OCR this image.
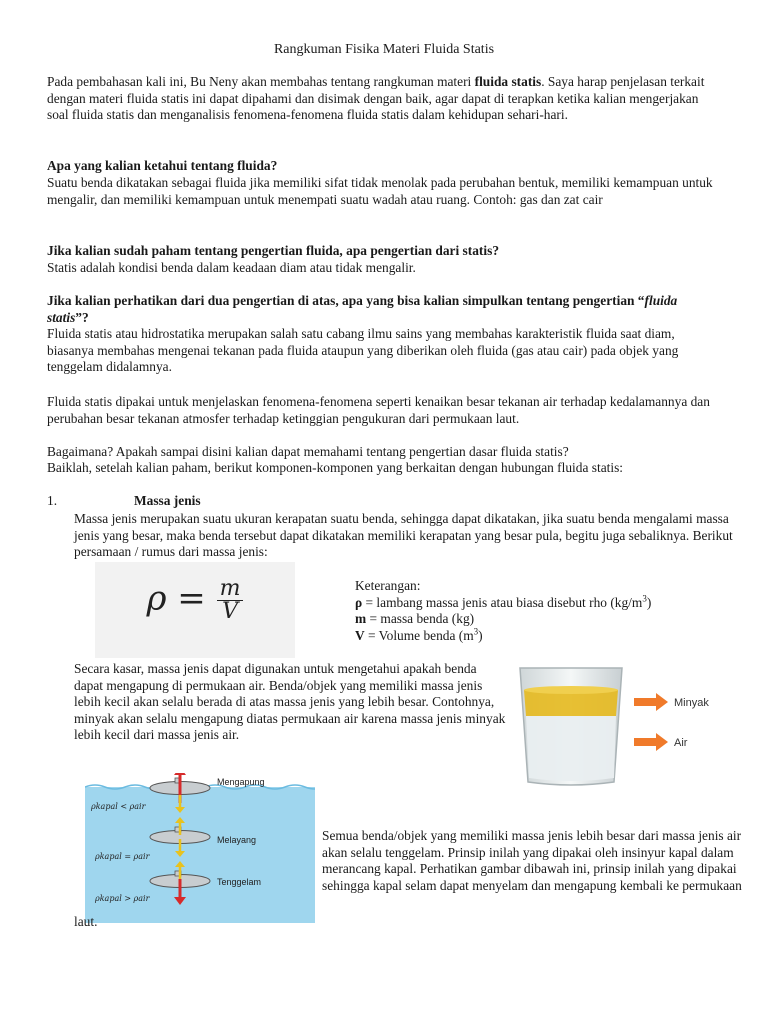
Rangkuman Fisika Materi Fluida Statis
Pada pembahasan kali ini, Bu Neny akan membahas tentang rangkuman materi fluida statis. Saya harap penjelasan terkait dengan materi fluida statis ini dapat dipahami dan disimak dengan baik, agar dapat di terapkan ketika kalian mengerjakan soal fluida statis dan menganalisis fenomena-fenomena fluida statis dalam kehidupan sehari-hari.
Apa yang kalian ketahui tentang fluida?
Suatu benda dikatakan sebagai fluida jika memiliki sifat tidak menolak pada perubahan bentuk, memiliki kemampuan untuk mengalir, dan memiliki kemampuan untuk menempati suatu wadah atau ruang. Contoh: gas dan zat cair
Jika kalian sudah paham tentang pengertian fluida, apa pengertian dari statis?
Statis adalah kondisi benda dalam keadaan diam atau tidak mengalir.
Jika kalian perhatikan dari dua pengertian di atas, apa yang bisa kalian simpulkan tentang pengertian “fluida statis”?
Fluida statis atau hidrostatika merupakan salah satu cabang ilmu sains yang membahas karakteristik fluida saat diam, biasanya membahas mengenai tekanan pada fluida ataupun yang diberikan oleh fluida (gas atau cair) pada objek yang tenggelam didalamnya.
Fluida statis dipakai untuk menjelaskan fenomena-fenomena seperti kenaikan besar tekanan air terhadap kedalamannya dan perubahan besar tekanan atmosfer terhadap ketinggian pengukuran dari permukaan laut.
Bagaimana? Apakah sampai disini kalian dapat memahami tentang pengertian dasar fluida statis?
Baiklah, setelah kalian paham, berikut komponen-komponen yang berkaitan dengan hubungan fluida statis:
1.	Massa jenis
Massa jenis merupakan suatu ukuran kerapatan suatu benda, sehingga dapat dikatakan, jika suatu benda mengalami massa jenis yang besar, maka benda tersebut dapat dikatakan memiliki kerapatan yang besar pula, begitu juga sebaliknya. Berikut persamaan / rumus dari massa jenis:
$\rho = \frac{m}{V}$	Keterangan:
ρ = lambang massa jenis atau biasa disebut rho $(kg/m^3)$
m = massa benda (kg)
V = Volume benda $(m^3)$
Secara kasar, massa jenis dapat digunakan untuk mengetahui apakah benda dapat mengapung di permukaan air. Benda/objek yang memiliki massa jenis lebih kecil akan selalu berada di atas massa jenis yang lebih besar. Contohnya, minyak akan selalu mengapung diatas permukaan air karena massa jenis minyak lebih kecil dari massa jenis air.
Minyak
Air
Mengapung
ρkapal < ρair
Melayang
ρkapal = ρair
Tenggelam
ρkapal > ρair
Semua benda/objek yang memiliki massa jenis lebih besar dari massa jenis air akan selalu tenggelam. Prinsip inilah yang dipakai oleh insinyur kapal dalam merancang kapal. Perhatikan gambar dibawah ini, prinsip inilah yang dipakai sehingga kapal selam dapat menyelam dan mengapung kembali ke permukaan
laut.
